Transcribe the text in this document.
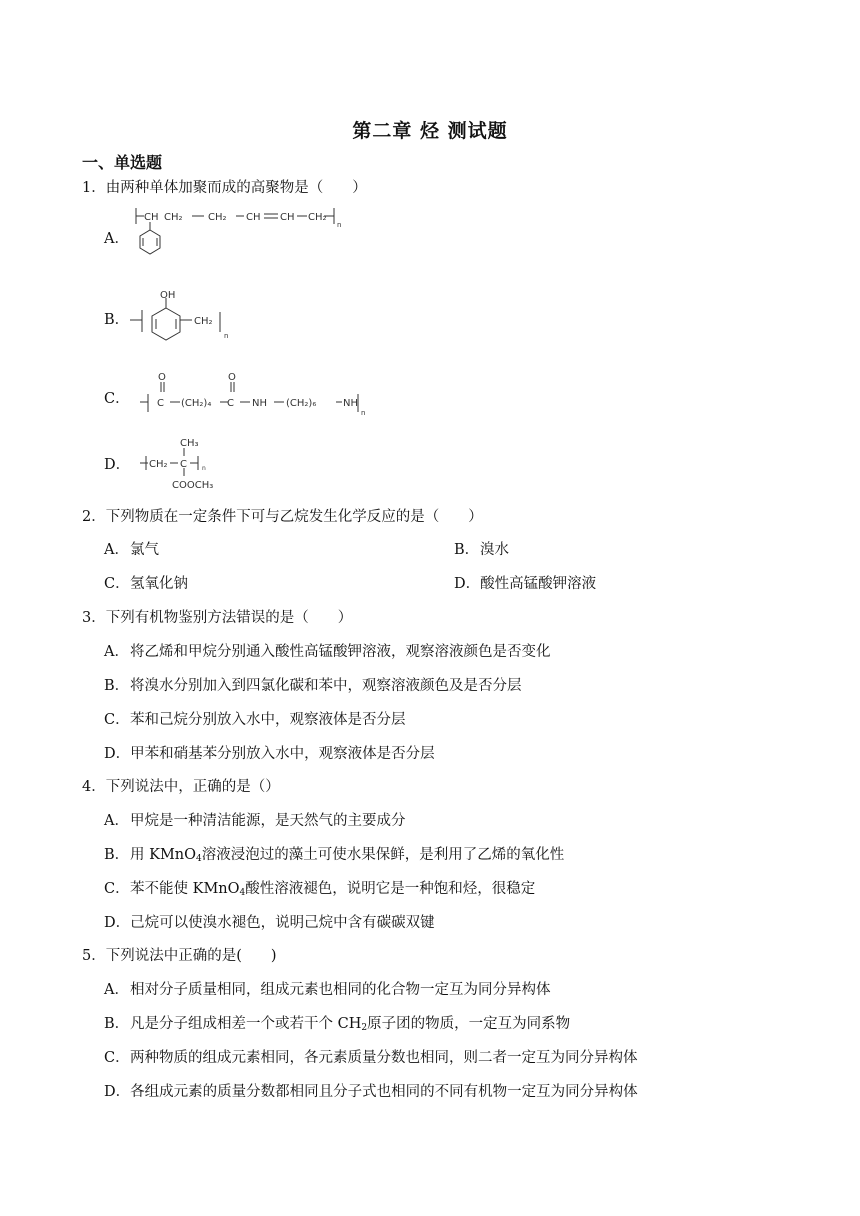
第二章 烃 测试题
一、单选题
1．由两种单体加聚而成的高聚物是（　　）
A．
CH CH₂	CH₂ CH CH CH₂
n
B．
OH
CH₂
n
C．
O
C (CH₂)₄
O
C NH (CH₂)₆	NH
n
D．
CH₃
CH₂ C	n
COOCH₃
2．下列物质在一定条件下可与乙烷发生化学反应的是（　　）
A．氯气	B．溴水
C．氢氧化钠	D．酸性高锰酸钾溶液
3．下列有机物鉴别方法错误的是（　　）
A．将乙烯和甲烷分别通入酸性高锰酸钾溶液，观察溶液颜色是否变化
B．将溴水分别加入到四氯化碳和苯中，观察溶液颜色及是否分层
C．苯和己烷分别放入水中，观察液体是否分层
D．甲苯和硝基苯分别放入水中，观察液体是否分层
4．下列说法中，正确的是（）
A．甲烷是一种清洁能源，是天然气的主要成分
B．用 KMnO$_4$溶液浸泡过的藻土可使水果保鲜，是利用了乙烯的氧化性
C．苯不能使 KMnO$_4$酸性溶液褪色，说明它是一种饱和烃，很稳定
D．己烷可以使溴水褪色，说明己烷中含有碳碳双键
5．下列说法中正确的是(　　)
A．相对分子质量相同，组成元素也相同的化合物一定互为同分异构体
B．凡是分子组成相差一个或若干个 $CH_2$原子团的物质，一定互为同系物
C．两种物质的组成元素相同，各元素质量分数也相同，则二者一定互为同分异构体
D．各组成元素的质量分数都相同且分子式也相同的不同有机物一定互为同分异构体
